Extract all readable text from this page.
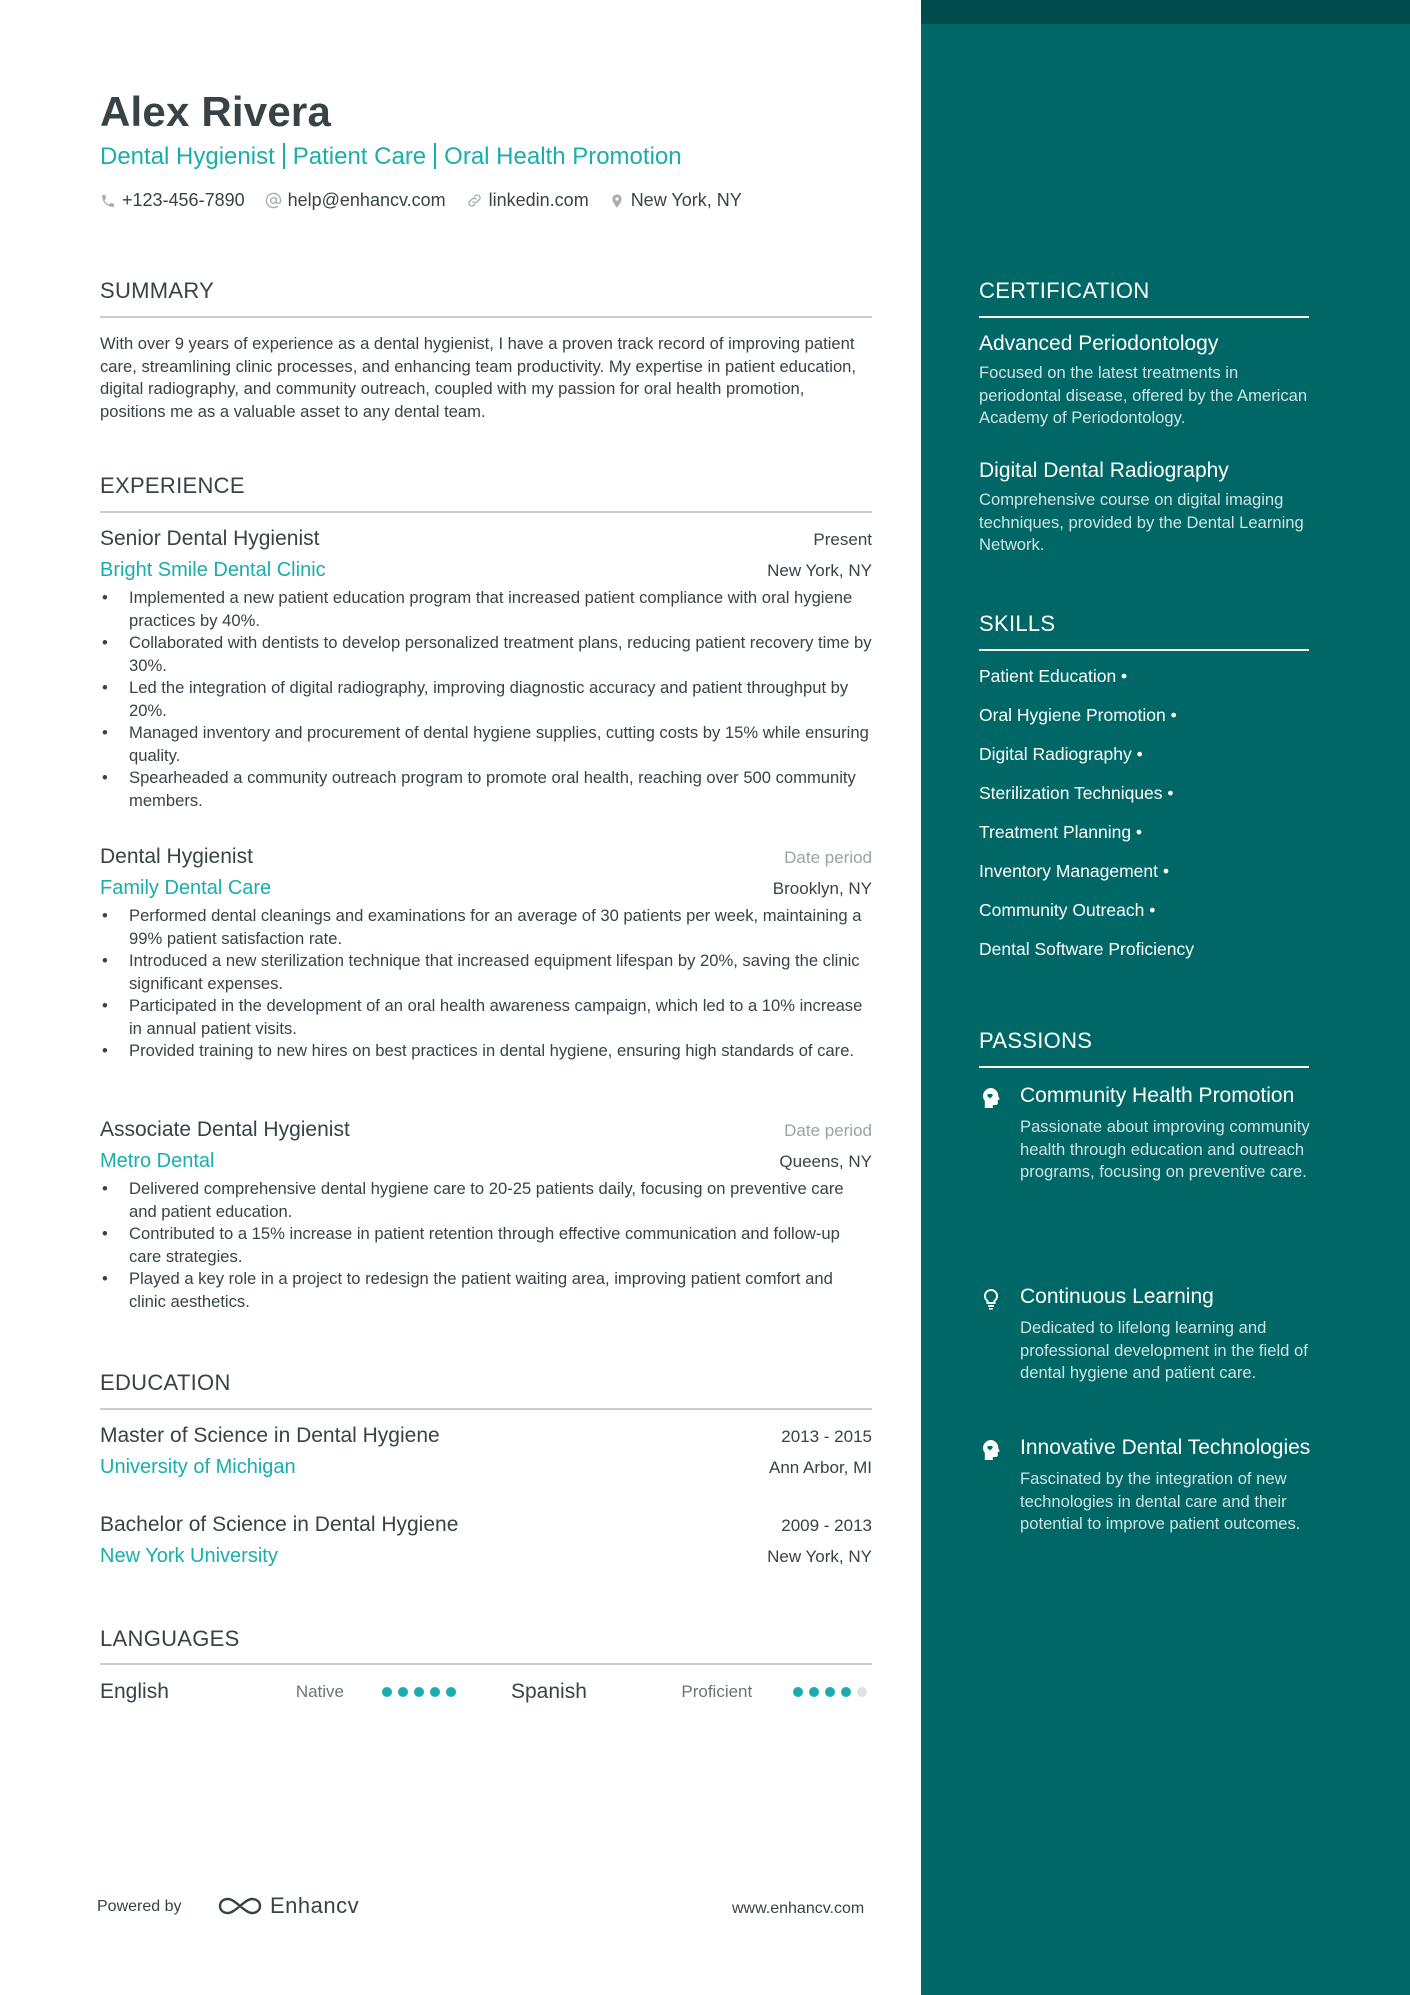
Alex Rivera
Dental Hygienist Patient Care Oral Health Promotion
+123-456-7890 help@enhancv.com linkedin.com New York, NY
SUMMARY
With over 9 years of experience as a dental hygienist, I have a proven track record of improving patient care, streamlining clinic processes, and enhancing team productivity. My expertise in patient education, digital radiography, and community outreach, coupled with my passion for oral health promotion, positions me as a valuable asset to any dental team.
EXPERIENCE
Senior Dental Hygienist	Present
Bright Smile Dental Clinic	New York, NY
• Implemented a new patient education program that increased patient compliance with oral hygiene practices by 40%.
• Collaborated with dentists to develop personalized treatment plans, reducing patient recovery time by 30%.
• Led the integration of digital radiography, improving diagnostic accuracy and patient throughput by 20%.
• Managed inventory and procurement of dental hygiene supplies, cutting costs by 15% while ensuring quality.
• Spearheaded a community outreach program to promote oral health, reaching over 500 community members.
Dental Hygienist	Date period
Family Dental Care	Brooklyn, NY
• Performed dental cleanings and examinations for an average of 30 patients per week, maintaining a 99% patient satisfaction rate.
• Introduced a new sterilization technique that increased equipment lifespan by 20%, saving the clinic significant expenses.
• Participated in the development of an oral health awareness campaign, which led to a 10% increase in annual patient visits.
• Provided training to new hires on best practices in dental hygiene, ensuring high standards of care.
Associate Dental Hygienist	Date period
Metro Dental	Queens, NY
• Delivered comprehensive dental hygiene care to 20-25 patients daily, focusing on preventive care and patient education.
• Contributed to a 15% increase in patient retention through effective communication and follow-up care strategies.
• Played a key role in a project to redesign the patient waiting area, improving patient comfort and clinic aesthetics.
EDUCATION
Master of Science in Dental Hygiene	2013 - 2015
University of Michigan	Ann Arbor, MI
Bachelor of Science in Dental Hygiene	2009 - 2013
New York University	New York, NY
LANGUAGES
English	Native	Spanish	Proficient
Powered by	Enhancv	www.enhancv.com
CERTIFICATION
Advanced Periodontology
Focused on the latest treatments in periodontal disease, offered by the American Academy of Periodontology.
Digital Dental Radiography
Comprehensive course on digital imaging techniques, provided by the Dental Learning Network.
SKILLS
Patient Education •
Oral Hygiene Promotion •
Digital Radiography •
Sterilization Techniques •
Treatment Planning •
Inventory Management •
Community Outreach •
Dental Software Proficiency
PASSIONS
Community Health Promotion
Passionate about improving community health through education and outreach programs, focusing on preventive care.
Continuous Learning
Dedicated to lifelong learning and professional development in the field of dental hygiene and patient care.
Innovative Dental Technologies
Fascinated by the integration of new technologies in dental care and their potential to improve patient outcomes.
